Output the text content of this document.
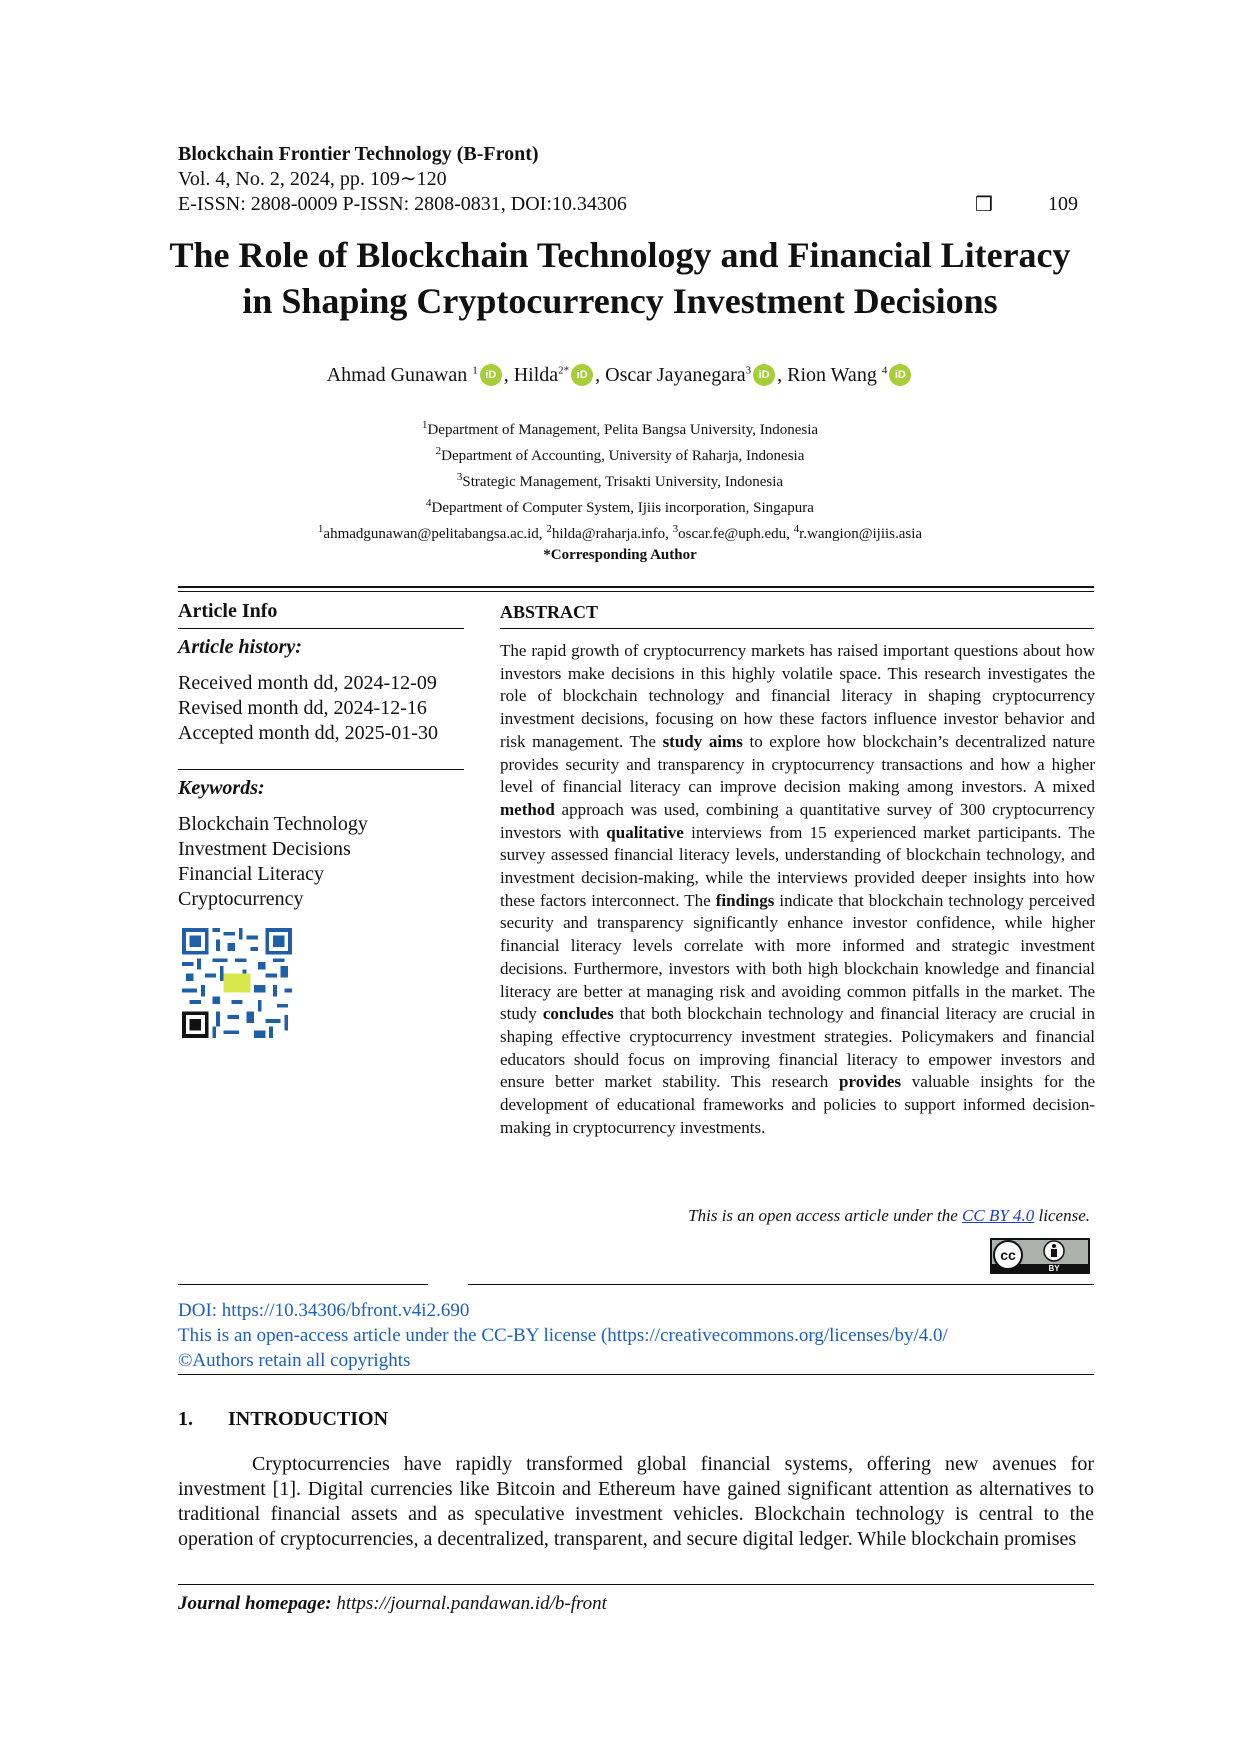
Blockchain Frontier Technology (B-Front)
Vol. 4, No. 2, 2024, pp. 109∼120
E-ISSN: 2808-0009 P-ISSN: 2808-0831, DOI:10.34306	❒	109
The Role of Blockchain Technology and Financial Literacy
in Shaping Cryptocurrency Investment Decisions
Ahmad Gunawan $^1$ iD , Hilda$^{2*}$ iD , Oscar Jayanegara$^3$ iD , Rion Wang $^4$ iD
$^1$Department of Management, Pelita Bangsa University, Indonesia
$^2$Department of Accounting, University of Raharja, Indonesia
$^3$Strategic Management, Trisakti University, Indonesia
$^4$Department of Computer System, Ijiis incorporation, Singapura
$^1$ahmadgunawan@pelitabangsa.ac.id, $^2$hilda@raharja.info, $^3$oscar.fe@uph.edu, $^4$r.wangion@ijiis.asia
*Corresponding Author
Article Info
Article history:
Received month dd, 2024-12-09
Revised month dd, 2024-12-16
Accepted month dd, 2025-01-30
Keywords:
Blockchain Technology
Investment Decisions
Financial Literacy
Cryptocurrency
ABSTRACT
The rapid growth of cryptocurrency markets has raised important questions about how investors make decisions in this highly volatile space. This research investigates the role of blockchain technology and financial literacy in shaping cryptocurrency investment decisions, focusing on how these factors influence investor behavior and risk management. The study aims to explore how blockchain’s decentralized nature provides security and transparency in cryptocurrency transactions and how a higher level of financial literacy can improve decision making among investors. A mixed method approach was used, combining a quantitative survey of 300 cryptocurrency investors with qualitative interviews from 15 experienced market participants. The survey assessed financial literacy levels, understanding of blockchain technology, and investment decision-making, while the interviews provided deeper insights into how these factors interconnect. The findings indicate that blockchain technology perceived security and transparency significantly enhance investor confidence, while higher financial literacy levels correlate with more informed and strategic investment decisions. Furthermore, investors with both high blockchain knowledge and financial literacy are better at managing risk and avoiding common pitfalls in the market. The study concludes that both blockchain technology and financial literacy are crucial in shaping effective cryptocurrency investment strategies. Policymakers and financial educators should focus on improving financial literacy to empower investors and ensure better market stability. This research provides valuable insights for the development of educational frameworks and policies to support informed decision-making in cryptocurrency investments.
This is an open access article under the CC BY 4.0 license.
cc
BY
DOI: https://10.34306/bfront.v4i2.690
This is an open-access article under the CC-BY license (https://creativecommons.org/licenses/by/4.0/
©Authors retain all copyrights
1. INTRODUCTION
Cryptocurrencies have rapidly transformed global financial systems, offering new avenues for investment [1]. Digital currencies like Bitcoin and Ethereum have gained significant attention as alternatives to traditional financial assets and as speculative investment vehicles. Blockchain technology is central to the operation of cryptocurrencies, a decentralized, transparent, and secure digital ledger. While blockchain promises
Journal homepage: https://journal.pandawan.id/b-front
